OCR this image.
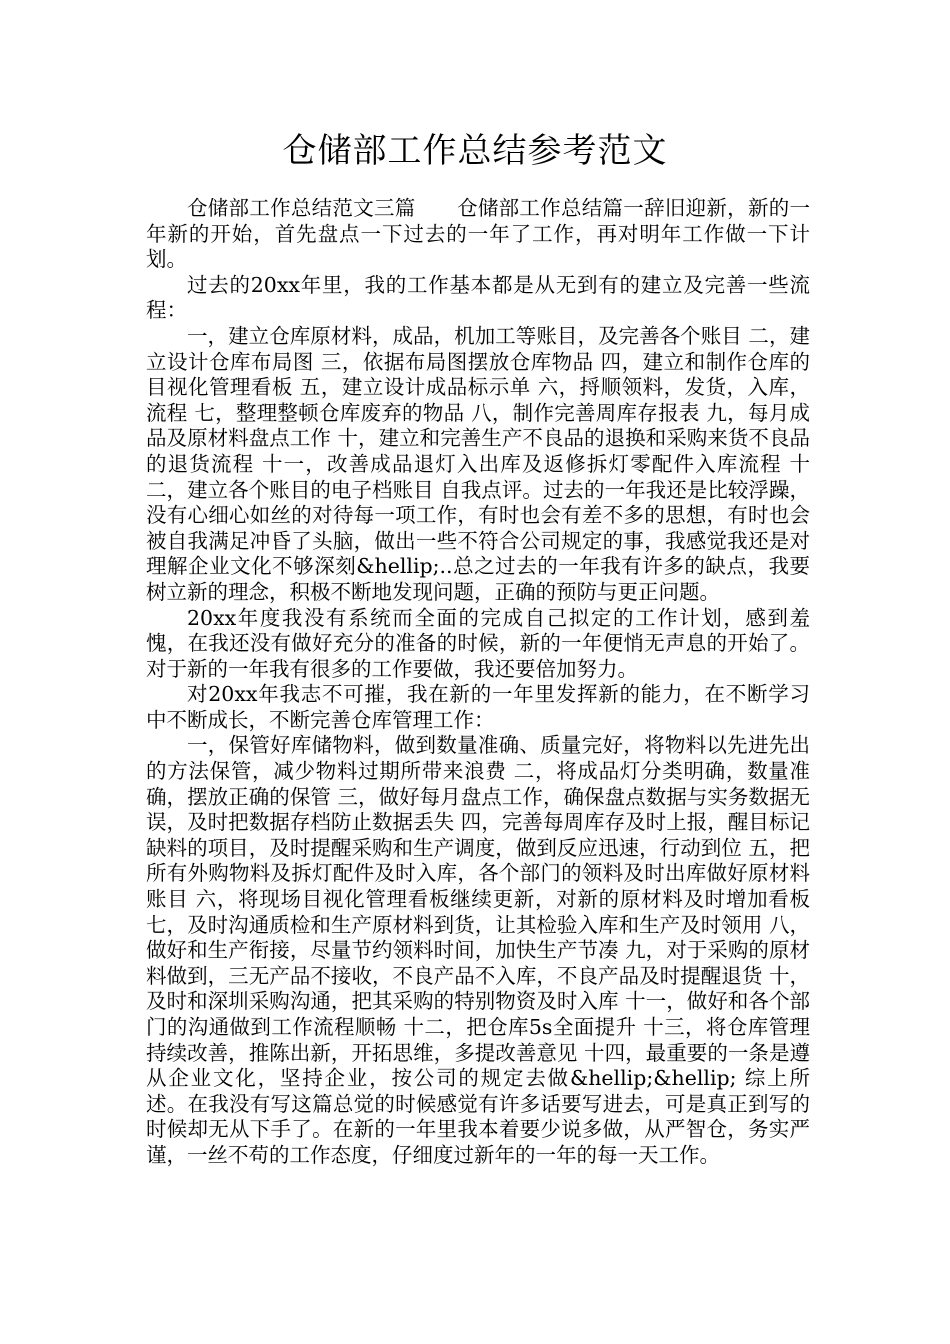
仓储部工作总结参考范文

仓储部工作总结范文三篇　　仓储部工作总结篇一辞旧迎新，新的一年新的开始，首先盘点一下过去的一年了工作，再对明年工作做一下计划。

过去的20xx年里，我的工作基本都是从无到有的建立及完善一些流程：

一，建立仓库原材料，成品，机加工等账目，及完善各个账目 二，建立设计仓库布局图 三，依据布局图摆放仓库物品 四，建立和制作仓库的目视化管理看板 五，建立设计成品标示单 六，捋顺领料，发货，入库，流程 七，整理整顿仓库废弃的物品 八，制作完善周库存报表 九，每月成品及原材料盘点工作 十，建立和完善生产不良品的退换和采购来货不良品的退货流程 十一，改善成品退灯入出库及返修拆灯零配件入库流程 十二，建立各个账目的电子档账目 自我点评。过去的一年我还是比较浮躁，没有心细心如丝的对待每一项工作，有时也会有差不多的思想，有时也会被自我满足冲昏了头脑，做出一些不符合公司规定的事，我感觉我还是对理解企业文化不够深刻&hellip;..总之过去的一年我有许多的缺点，我要树立新的理念，积极不断地发现问题，正确的预防与更正问题。

20xx年度我没有系统而全面的完成自己拟定的工作计划，感到羞愧，在我还没有做好充分的准备的时候，新的一年便悄无声息的开始了。对于新的一年我有很多的工作要做，我还要倍加努力。

对20xx年我志不可摧，我在新的一年里发挥新的能力，在不断学习中不断成长，不断完善仓库管理工作：

一，保管好库储物料，做到数量准确、质量完好，将物料以先进先出的方法保管，减少物料过期所带来浪费 二，将成品灯分类明确，数量准确，摆放正确的保管 三，做好每月盘点工作，确保盘点数据与实务数据无误，及时把数据存档防止数据丢失 四，完善每周库存及时上报，醒目标记缺料的项目，及时提醒采购和生产调度，做到反应迅速，行动到位 五，把所有外购物料及拆灯配件及时入库，各个部门的领料及时出库做好原材料账目 六，将现场目视化管理看板继续更新，对新的原材料及时增加看板 七，及时沟通质检和生产原材料到货，让其检验入库和生产及时领用 八，做好和生产衔接，尽量节约领料时间，加快生产节凑 九，对于采购的原材料做到，三无产品不接收，不良产品不入库，不良产品及时提醒退货 十，及时和深圳采购沟通，把其采购的特别物资及时入库 十一，做好和各个部门的沟通做到工作流程顺畅 十二，把仓库5s全面提升 十三，将仓库管理持续改善，推陈出新，开拓思维，多提改善意见 十四，最重要的一条是遵从企业文化，坚持企业，按公司的规定去做&hellip;&hellip; 综上所述。在我没有写这篇总觉的时候感觉有许多话要写进去，可是真正到写的时候却无从下手了。在新的一年里我本着要少说多做，从严智仓，务实严谨，一丝不苟的工作态度，仔细度过新年的一年的每一天工作。
